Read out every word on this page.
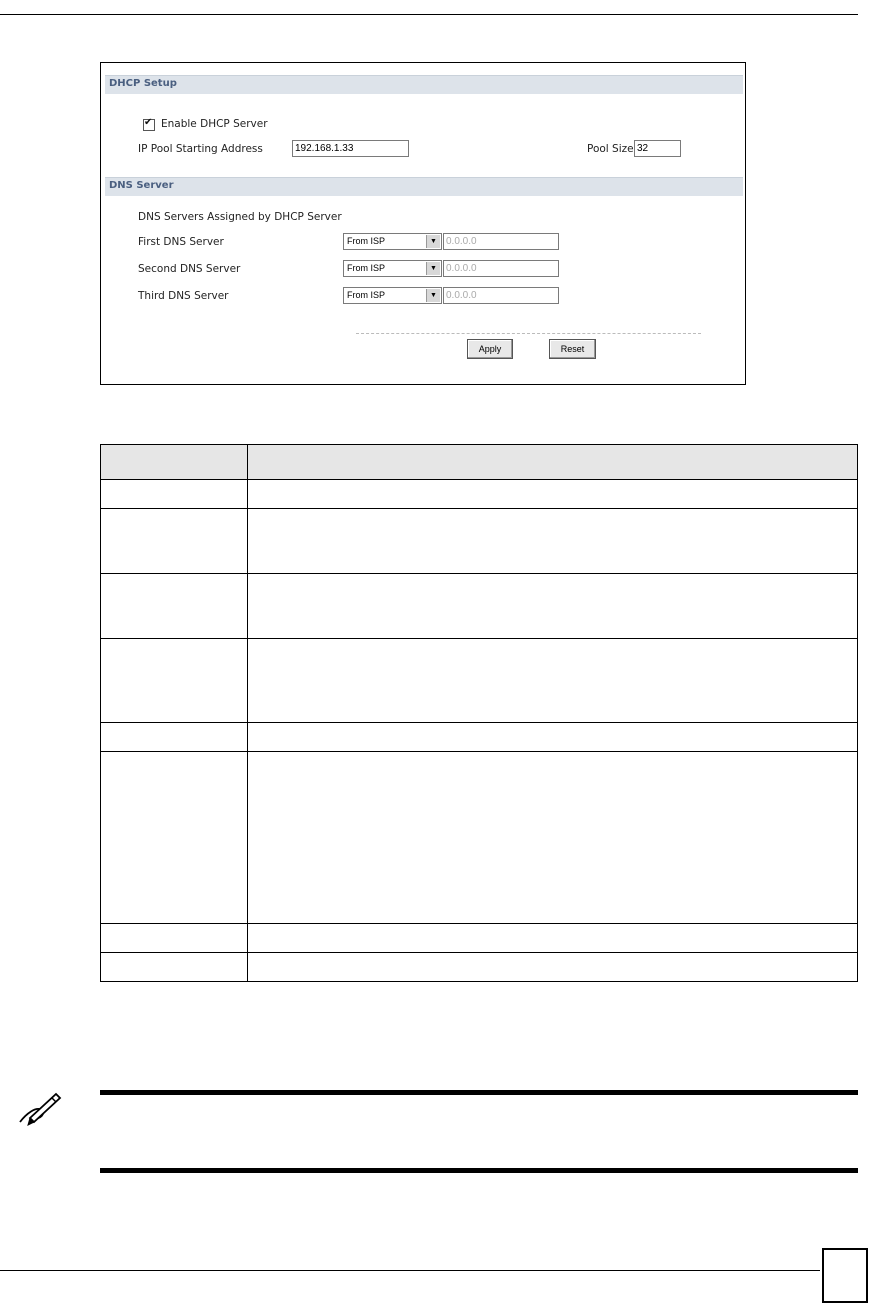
DHCP Setup
✔
Enable DHCP Server
IP Pool Starting Address	192.168.1.33	Pool Size 32
DNS Server
DNS Servers Assigned by DHCP Server
First DNS Server	From ISP	▼ 0.0.0.0
Second DNS Server	From ISP	▼ 0.0.0.0
Third DNS Server	From ISP	▼ 0.0.0.0
Apply	Reset
